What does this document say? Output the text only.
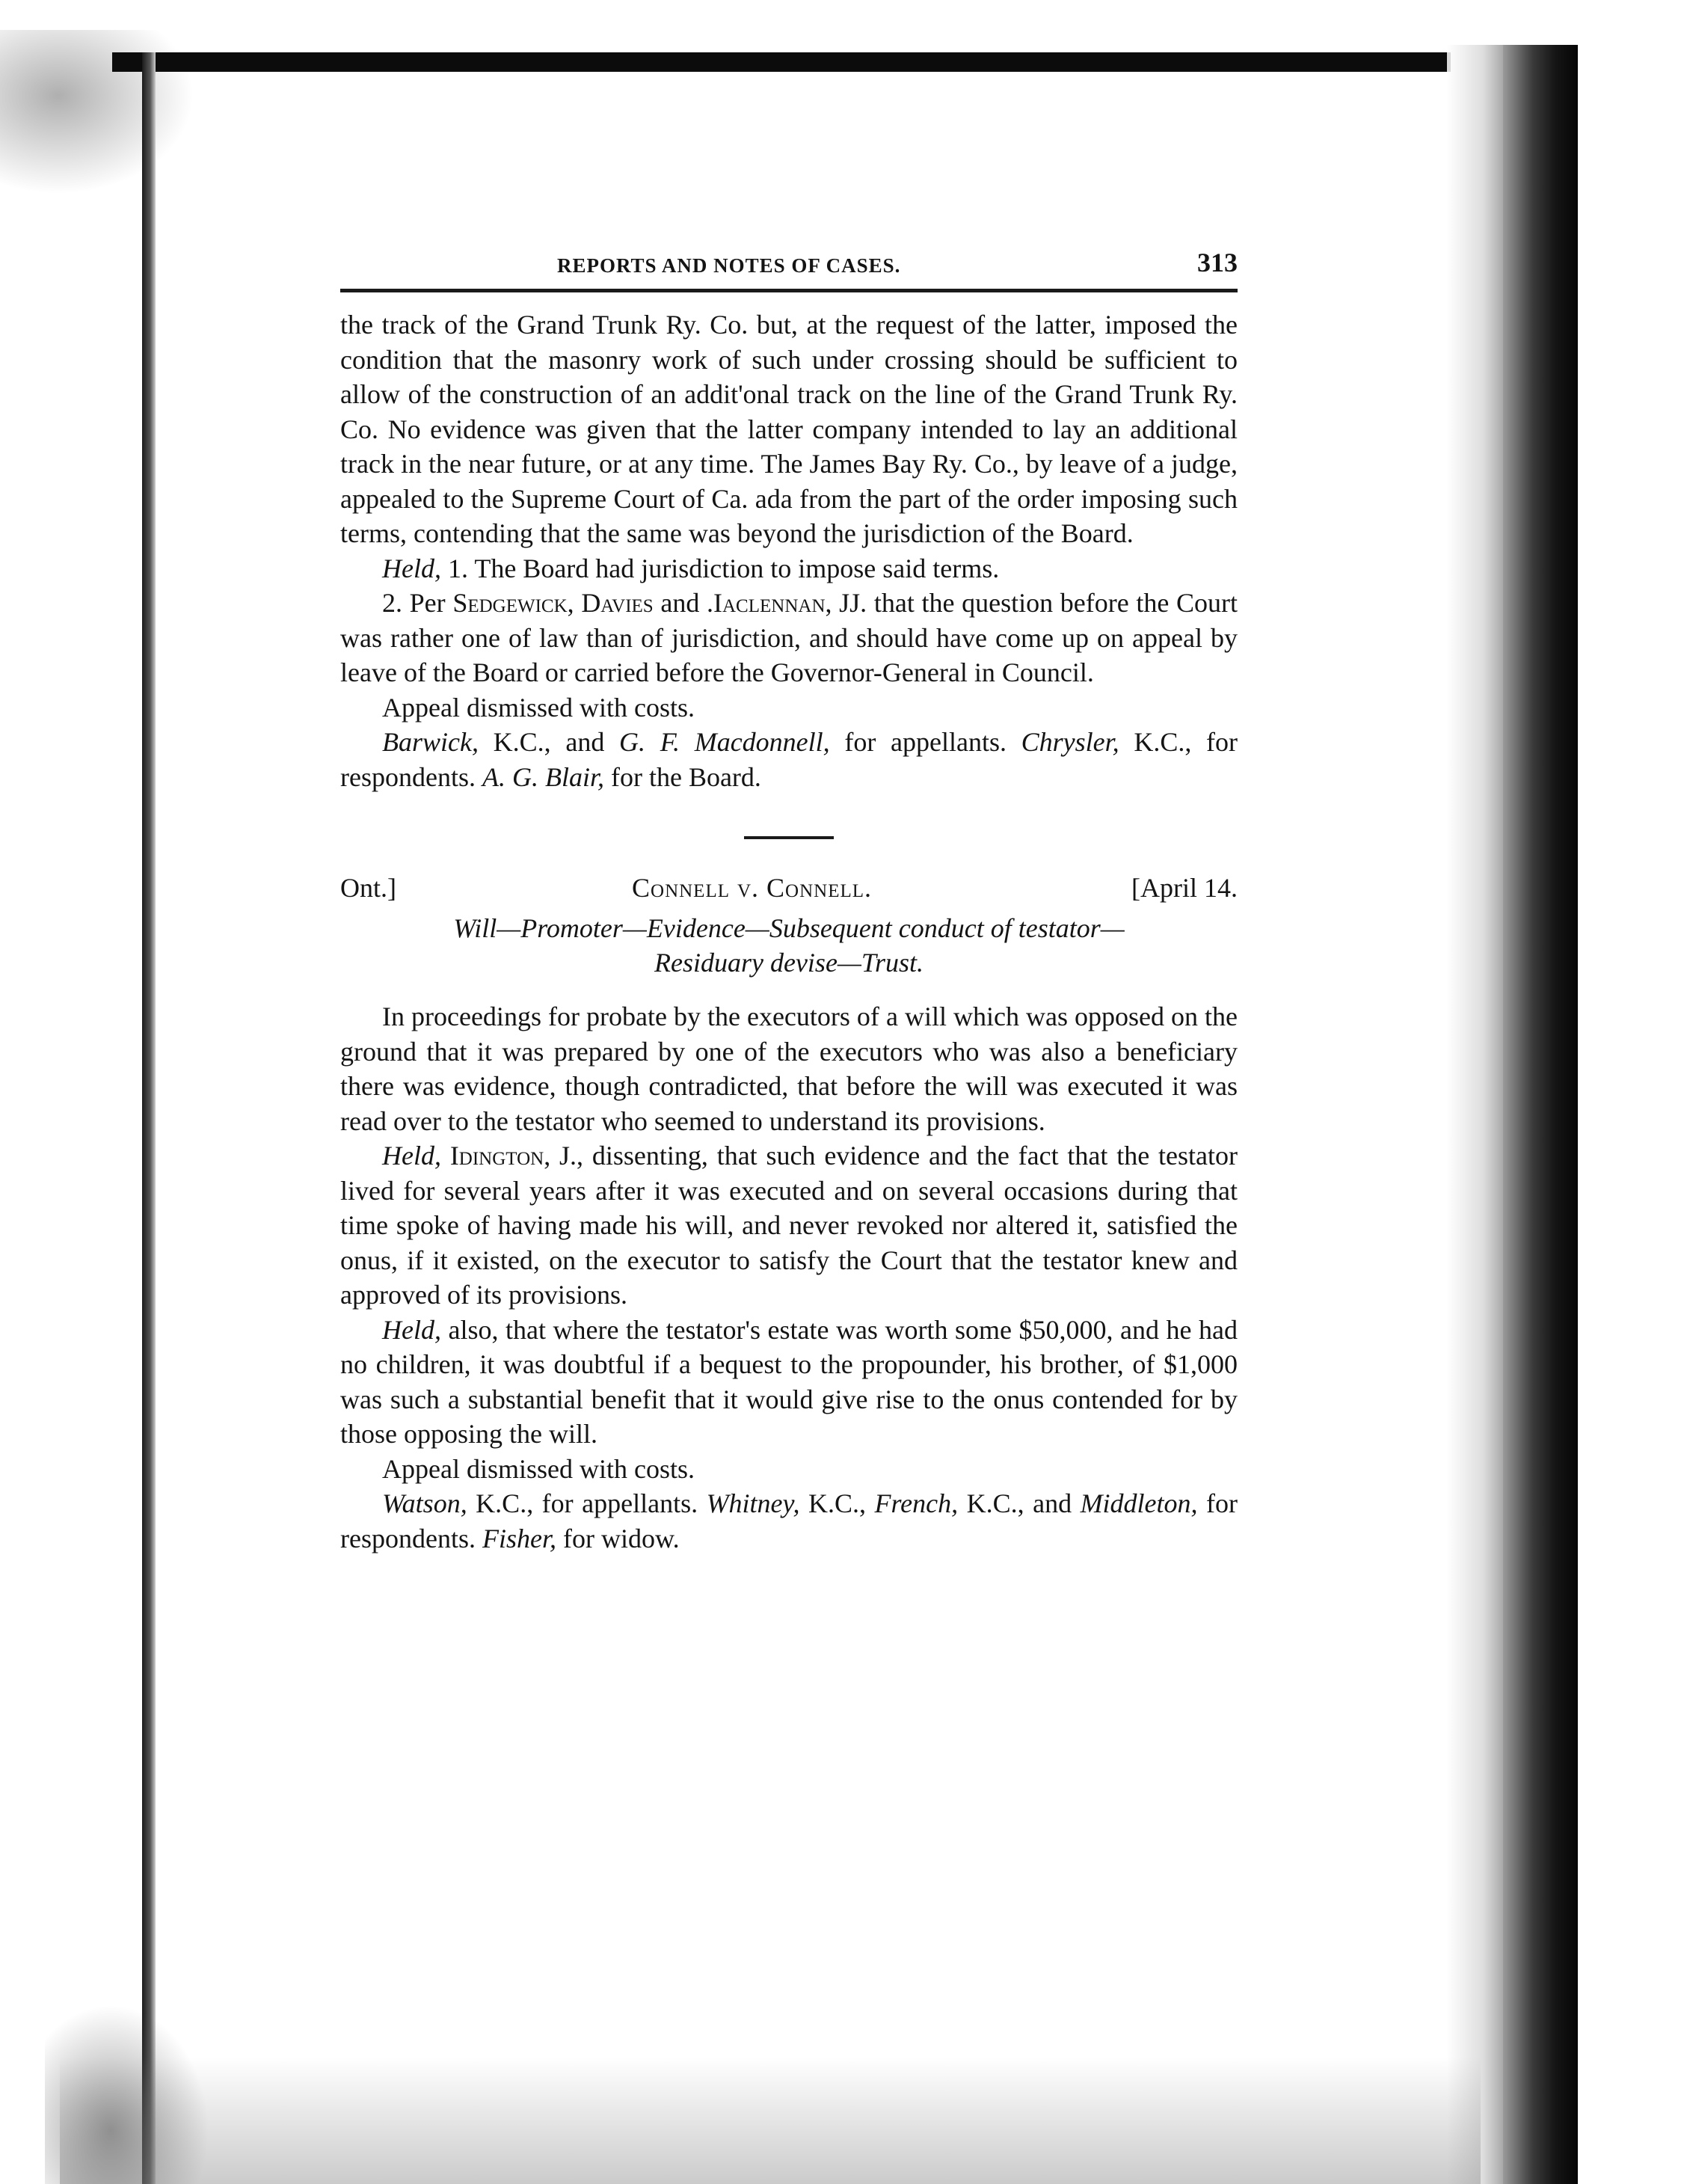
REPORTS AND NOTES OF CASES.	313

the track of the Grand Trunk Ry. Co. but, at the request of the latter, imposed the condition that the masonry work of such under crossing should be sufficient to allow of the construction of an addit'onal track on the line of the Grand Trunk Ry. Co. No evidence was given that the latter company intended to lay an additional track in the near future, or at any time. The James Bay Ry. Co., by leave of a judge, appealed to the Supreme Court of Ca. ada from the part of the order imposing such terms, contending that the same was beyond the jurisdiction of the Board.

Held, 1. The Board had jurisdiction to impose said terms.

2. Per Sedgewick, Davies and .Iaclennan, JJ. that the question before the Court was rather one of law than of jurisdiction, and should have come up on appeal by leave of the Board or carried before the Governor-General in Council.

Appeal dismissed with costs.

Barwick, K.C., and G. F. Macdonnell, for appellants. Chrysler, K.C., for respondents. A. G. Blair, for the Board.

Ont.]	Connell v. Connell.	[April 14.
Will—Promoter—Evidence—Subsequent conduct of testator—
Residuary devise—Trust.

In proceedings for probate by the executors of a will which was opposed on the ground that it was prepared by one of the executors who was also a beneficiary there was evidence, though contradicted, that before the will was executed it was read over to the testator who seemed to understand its provisions.

Held, Idington, J., dissenting, that such evidence and the fact that the testator lived for several years after it was executed and on several occasions during that time spoke of having made his will, and never revoked nor altered it, satisfied the onus, if it existed, on the executor to satisfy the Court that the testator knew and approved of its provisions.

Held, also, that where the testator's estate was worth some $50,000, and he had no children, it was doubtful if a bequest to the propounder, his brother, of $1,000 was such a substantial benefit that it would give rise to the onus contended for by those opposing the will.

Appeal dismissed with costs.

Watson, K.C., for appellants. Whitney, K.C., French, K.C., and Middleton, for respondents. Fisher, for widow.
